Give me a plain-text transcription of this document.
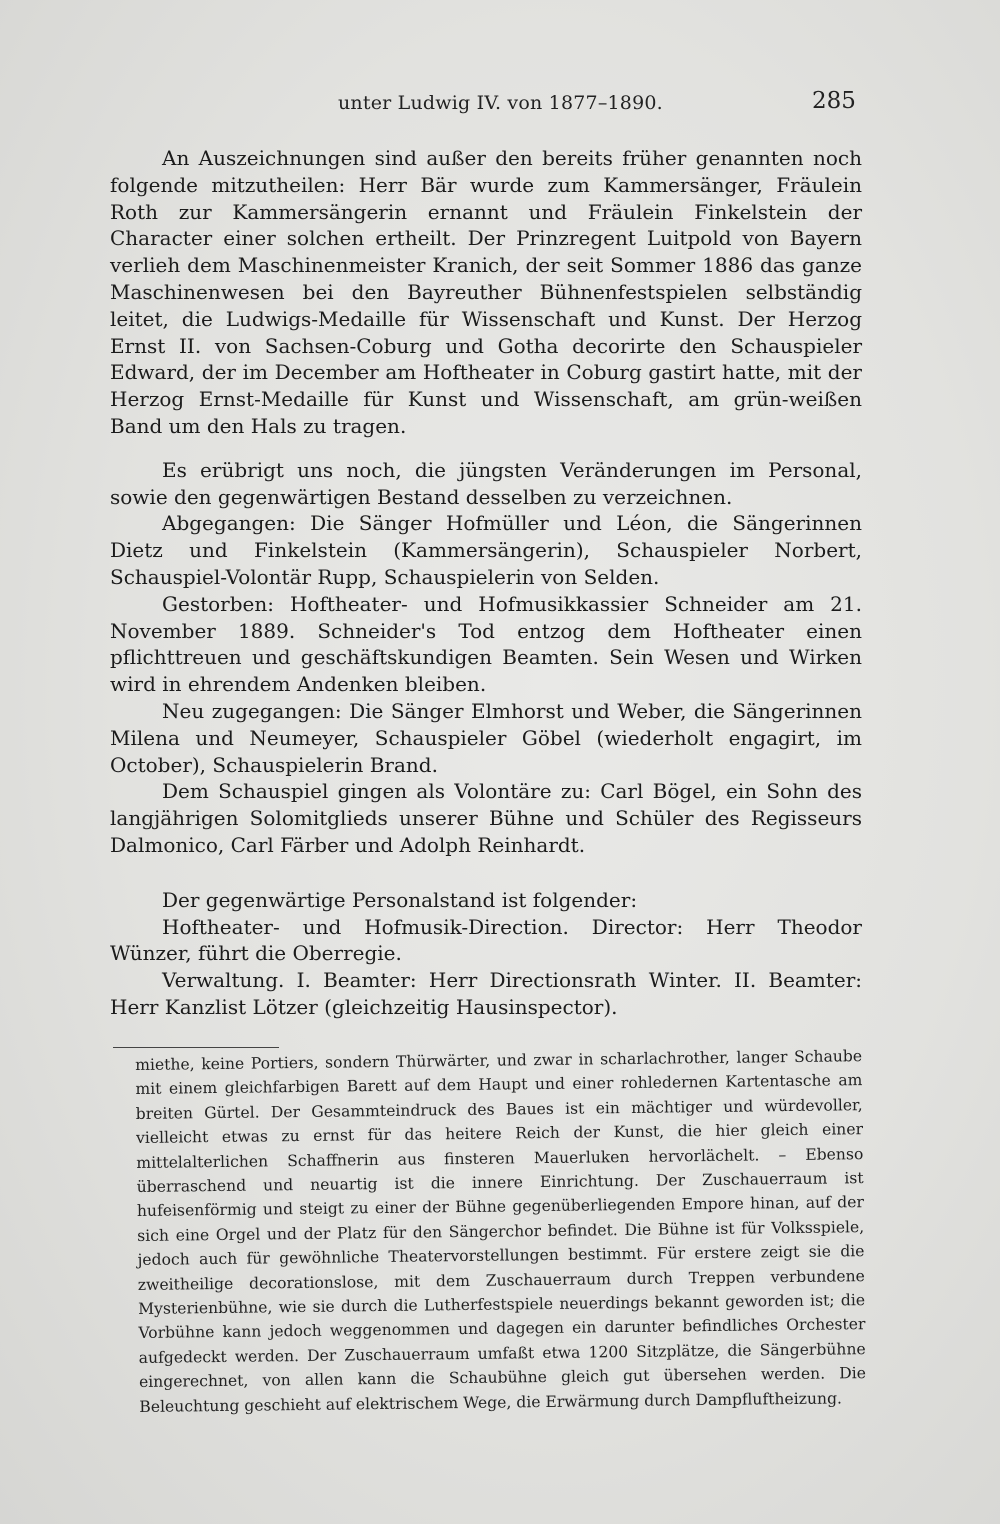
unter Ludwig IV. von 1877–1890.	285

An Auszeichnungen sind außer den bereits früher genannten noch folgende mitzutheilen: Herr Bär wurde zum Kammersänger, Fräulein Roth zur Kammersängerin ernannt und Fräulein Finkelstein der Character einer solchen ertheilt. Der Prinzregent Luitpold von Bayern verlieh dem Maschinenmeister Kranich, der seit Sommer 1886 das ganze Maschinenwesen bei den Bayreuther Bühnenfestspielen selbständig leitet, die Ludwigs-Medaille für Wissenschaft und Kunst. Der Herzog Ernst II. von Sachsen-Coburg und Gotha decorirte den Schauspieler Edward, der im December am Hoftheater in Coburg gastirt hatte, mit der Herzog Ernst-Medaille für Kunst und Wissenschaft, am grün-weißen Band um den Hals zu tragen.

Es erübrigt uns noch, die jüngsten Veränderungen im Personal, sowie den gegenwärtigen Bestand desselben zu verzeichnen.

Abgegangen: Die Sänger Hofmüller und Léon, die Sängerinnen Dietz und Finkelstein (Kammersängerin), Schauspieler Norbert, Schauspiel-Volontär Rupp, Schauspielerin von Selden.

Gestorben: Hoftheater- und Hofmusikkassier Schneider am 21. November 1889. Schneider's Tod entzog dem Hoftheater einen pflichttreuen und geschäftskundigen Beamten. Sein Wesen und Wirken wird in ehrendem Andenken bleiben.

Neu zugegangen: Die Sänger Elmhorst und Weber, die Sängerinnen Milena und Neumeyer, Schauspieler Göbel (wiederholt engagirt, im October), Schauspielerin Brand.

Dem Schauspiel gingen als Volontäre zu: Carl Bögel, ein Sohn des langjährigen Solomitglieds unserer Bühne und Schüler des Regisseurs Dalmonico, Carl Färber und Adolph Reinhardt.

Der gegenwärtige Personalstand ist folgender:

Hoftheater- und Hofmusik-Direction. Director: Herr Theodor Wünzer, führt die Oberregie.

Verwaltung. I. Beamter: Herr Directionsrath Winter. II. Beamter: Herr Kanzlist Lötzer (gleichzeitig Hausinspector).

miethe, keine Portiers, sondern Thürwärter, und zwar in scharlachrother, langer Schaube mit einem gleichfarbigen Barett auf dem Haupt und einer rohledernen Kartentasche am breiten Gürtel. Der Gesammteindruck des Baues ist ein mächtiger und würdevoller, vielleicht etwas zu ernst für das heitere Reich der Kunst, die hier gleich einer mittelalterlichen Schaffnerin aus finsteren Mauerluken hervorlächelt. – Ebenso überraschend und neuartig ist die innere Einrichtung. Der Zuschauerraum ist hufeisenförmig und steigt zu einer der Bühne gegenüberliegenden Empore hinan, auf der sich eine Orgel und der Platz für den Sängerchor befindet. Die Bühne ist für Volksspiele, jedoch auch für gewöhnliche Theatervorstellungen bestimmt. Für erstere zeigt sie die zweitheilige decorationslose, mit dem Zuschauerraum durch Treppen verbundene Mysterienbühne, wie sie durch die Lutherfestspiele neuerdings bekannt geworden ist; die Vorbühne kann jedoch weggenommen und dagegen ein darunter befindliches Orchester aufgedeckt werden. Der Zuschauerraum umfaßt etwa 1200 Sitzplätze, die Sängerbühne eingerechnet, von allen kann die Schaubühne gleich gut übersehen werden. Die Beleuchtung geschieht auf elektrischem Wege, die Erwärmung durch Dampfluftheizung.
